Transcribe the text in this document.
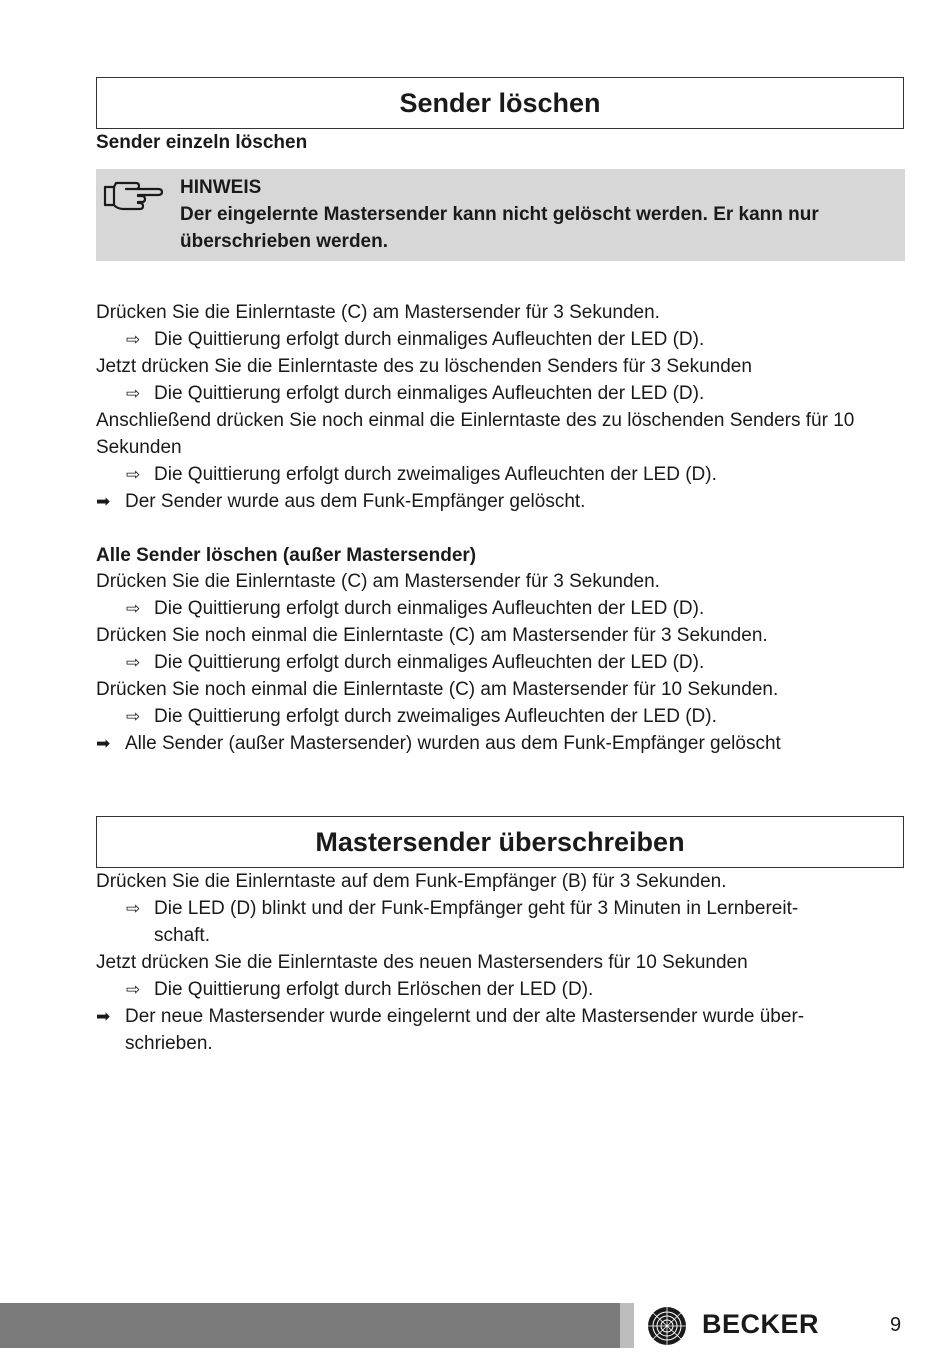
Sender löschen
Sender einzeln löschen
HINWEIS
Der eingelernte Mastersender kann nicht gelöscht werden. Er kann nur überschrieben werden.
Drücken Sie die Einlerntaste (C) am Mastersender für 3 Sekunden.
⇨ Die Quittierung erfolgt durch einmaliges Aufleuchten der LED (D).
Jetzt drücken Sie die Einlerntaste des zu löschenden Senders für 3 Sekunden
⇨ Die Quittierung erfolgt durch einmaliges Aufleuchten der LED (D).
Anschließend drücken Sie noch einmal die Einlerntaste des zu löschenden Senders für 10 Sekunden
⇨ Die Quittierung erfolgt durch zweimaliges Aufleuchten der LED (D).
➡ Der Sender wurde aus dem Funk-Empfänger gelöscht.
Alle Sender löschen (außer Mastersender)
Drücken Sie die Einlerntaste (C) am Mastersender für 3 Sekunden.
⇨ Die Quittierung erfolgt durch einmaliges Aufleuchten der LED (D).
Drücken Sie noch einmal die Einlerntaste (C) am Mastersender für 3 Sekunden.
⇨ Die Quittierung erfolgt durch einmaliges Aufleuchten der LED (D).
Drücken Sie noch einmal die Einlerntaste (C) am Mastersender für 10 Sekunden.
⇨ Die Quittierung erfolgt durch zweimaliges Aufleuchten der LED (D).
➡ Alle Sender (außer Mastersender) wurden aus dem Funk-Empfänger gelöscht
Mastersender überschreiben
Drücken Sie die Einlerntaste auf dem Funk-Empfänger (B) für 3 Sekunden.
⇨ Die LED (D) blinkt und der Funk-Empfänger geht für 3 Minuten in Lernbereit-
schaft.
Jetzt drücken Sie die Einlerntaste des neuen Mastersenders für 10 Sekunden
⇨ Die Quittierung erfolgt durch Erlöschen der LED (D).
➡ Der neue Mastersender wurde eingelernt und der alte Mastersender wurde über-
schrieben.
BECKER	9
